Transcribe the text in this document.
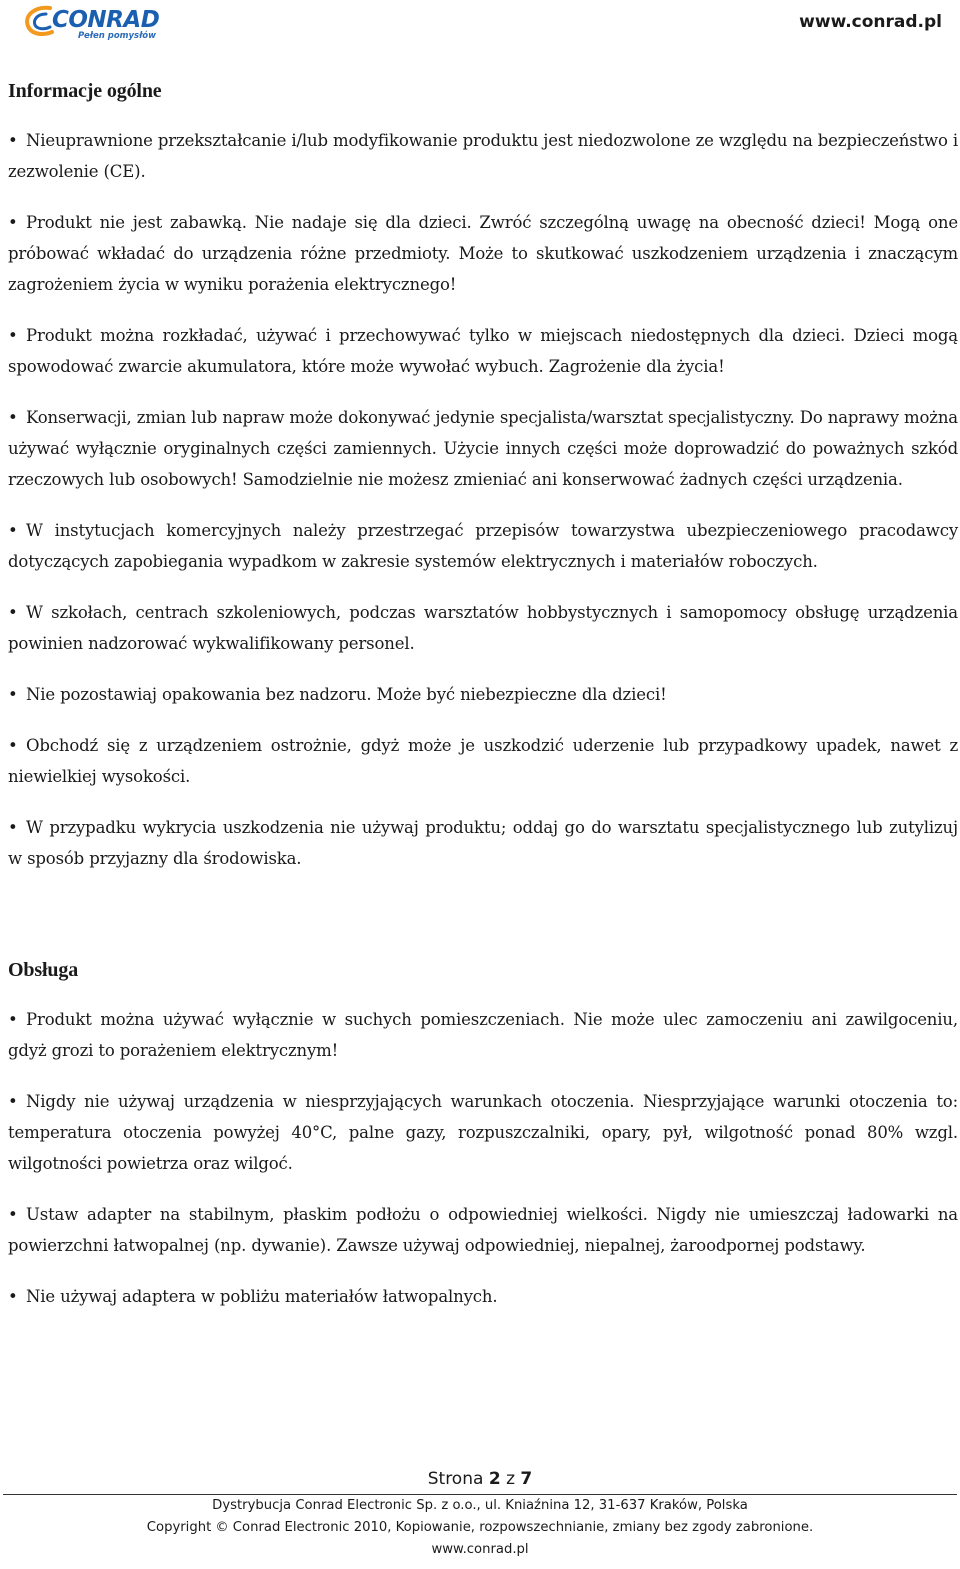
CONRAD
Pełen pomysłów
www.conrad.pl
Informacje ogólne

• Nieuprawnione przekształcanie i/lub modyfikowanie produktu jest niedozwolone ze względu na bezpieczeństwo i zezwolenie (CE).

• Produkt nie jest zabawką. Nie nadaje się dla dzieci. Zwróć szczególną uwagę na obecność dzieci! Mogą one próbować wkładać do urządzenia różne przedmioty. Może to skutkować uszkodzeniem urządzenia i znaczącym zagrożeniem życia w wyniku porażenia elektrycznego!

• Produkt można rozkładać, używać i przechowywać tylko w miejscach niedostępnych dla dzieci. Dzieci mogą spowodować zwarcie akumulatora, które może wywołać wybuch. Zagrożenie dla życia!

• Konserwacji, zmian lub napraw może dokonywać jedynie specjalista/warsztat specjalistyczny. Do naprawy można używać wyłącznie oryginalnych części zamiennych. Użycie innych części może doprowadzić do poważnych szkód rzeczowych lub osobowych! Samodzielnie nie możesz zmieniać ani konserwować żadnych części urządzenia.

• W instytucjach komercyjnych należy przestrzegać przepisów towarzystwa ubezpieczeniowego pracodawcy dotyczących zapobiegania wypadkom w zakresie systemów elektrycznych i materiałów roboczych.

• W szkołach, centrach szkoleniowych, podczas warsztatów hobbystycznych i samopomocy obsługę urządzenia powinien nadzorować wykwalifikowany personel.

• Nie pozostawiaj opakowania bez nadzoru. Może być niebezpieczne dla dzieci!

• Obchodź się z urządzeniem ostrożnie, gdyż może je uszkodzić uderzenie lub przypadkowy upadek, nawet z niewielkiej wysokości.

• W przypadku wykrycia uszkodzenia nie używaj produktu; oddaj go do warsztatu specjalistycznego lub zutylizuj w sposób przyjazny dla środowiska.

Obsługa

• Produkt można używać wyłącznie w suchych pomieszczeniach. Nie może ulec zamoczeniu ani zawilgoceniu, gdyż grozi to porażeniem elektrycznym!

• Nigdy nie używaj urządzenia w niesprzyjających warunkach otoczenia. Niesprzyjające warunki otoczenia to: temperatura otoczenia powyżej 40°C, palne gazy, rozpuszczalniki, opary, pył, wilgotność ponad 80% wzgl. wilgotności powietrza oraz wilgoć.

• Ustaw adapter na stabilnym, płaskim podłożu o odpowiedniej wielkości. Nigdy nie umieszczaj ładowarki na powierzchni łatwopalnej (np. dywanie). Zawsze używaj odpowiedniej, niepalnej, żaroodpornej podstawy.

• Nie używaj adaptera w pobliżu materiałów łatwopalnych.

Strona 2 z 7
Dystrybucja Conrad Electronic Sp. z o.o., ul. Kniaźnina 12, 31-637 Kraków, Polska
Copyright © Conrad Electronic 2010, Kopiowanie, rozpowszechnianie, zmiany bez zgody zabronione.
www.conrad.pl
